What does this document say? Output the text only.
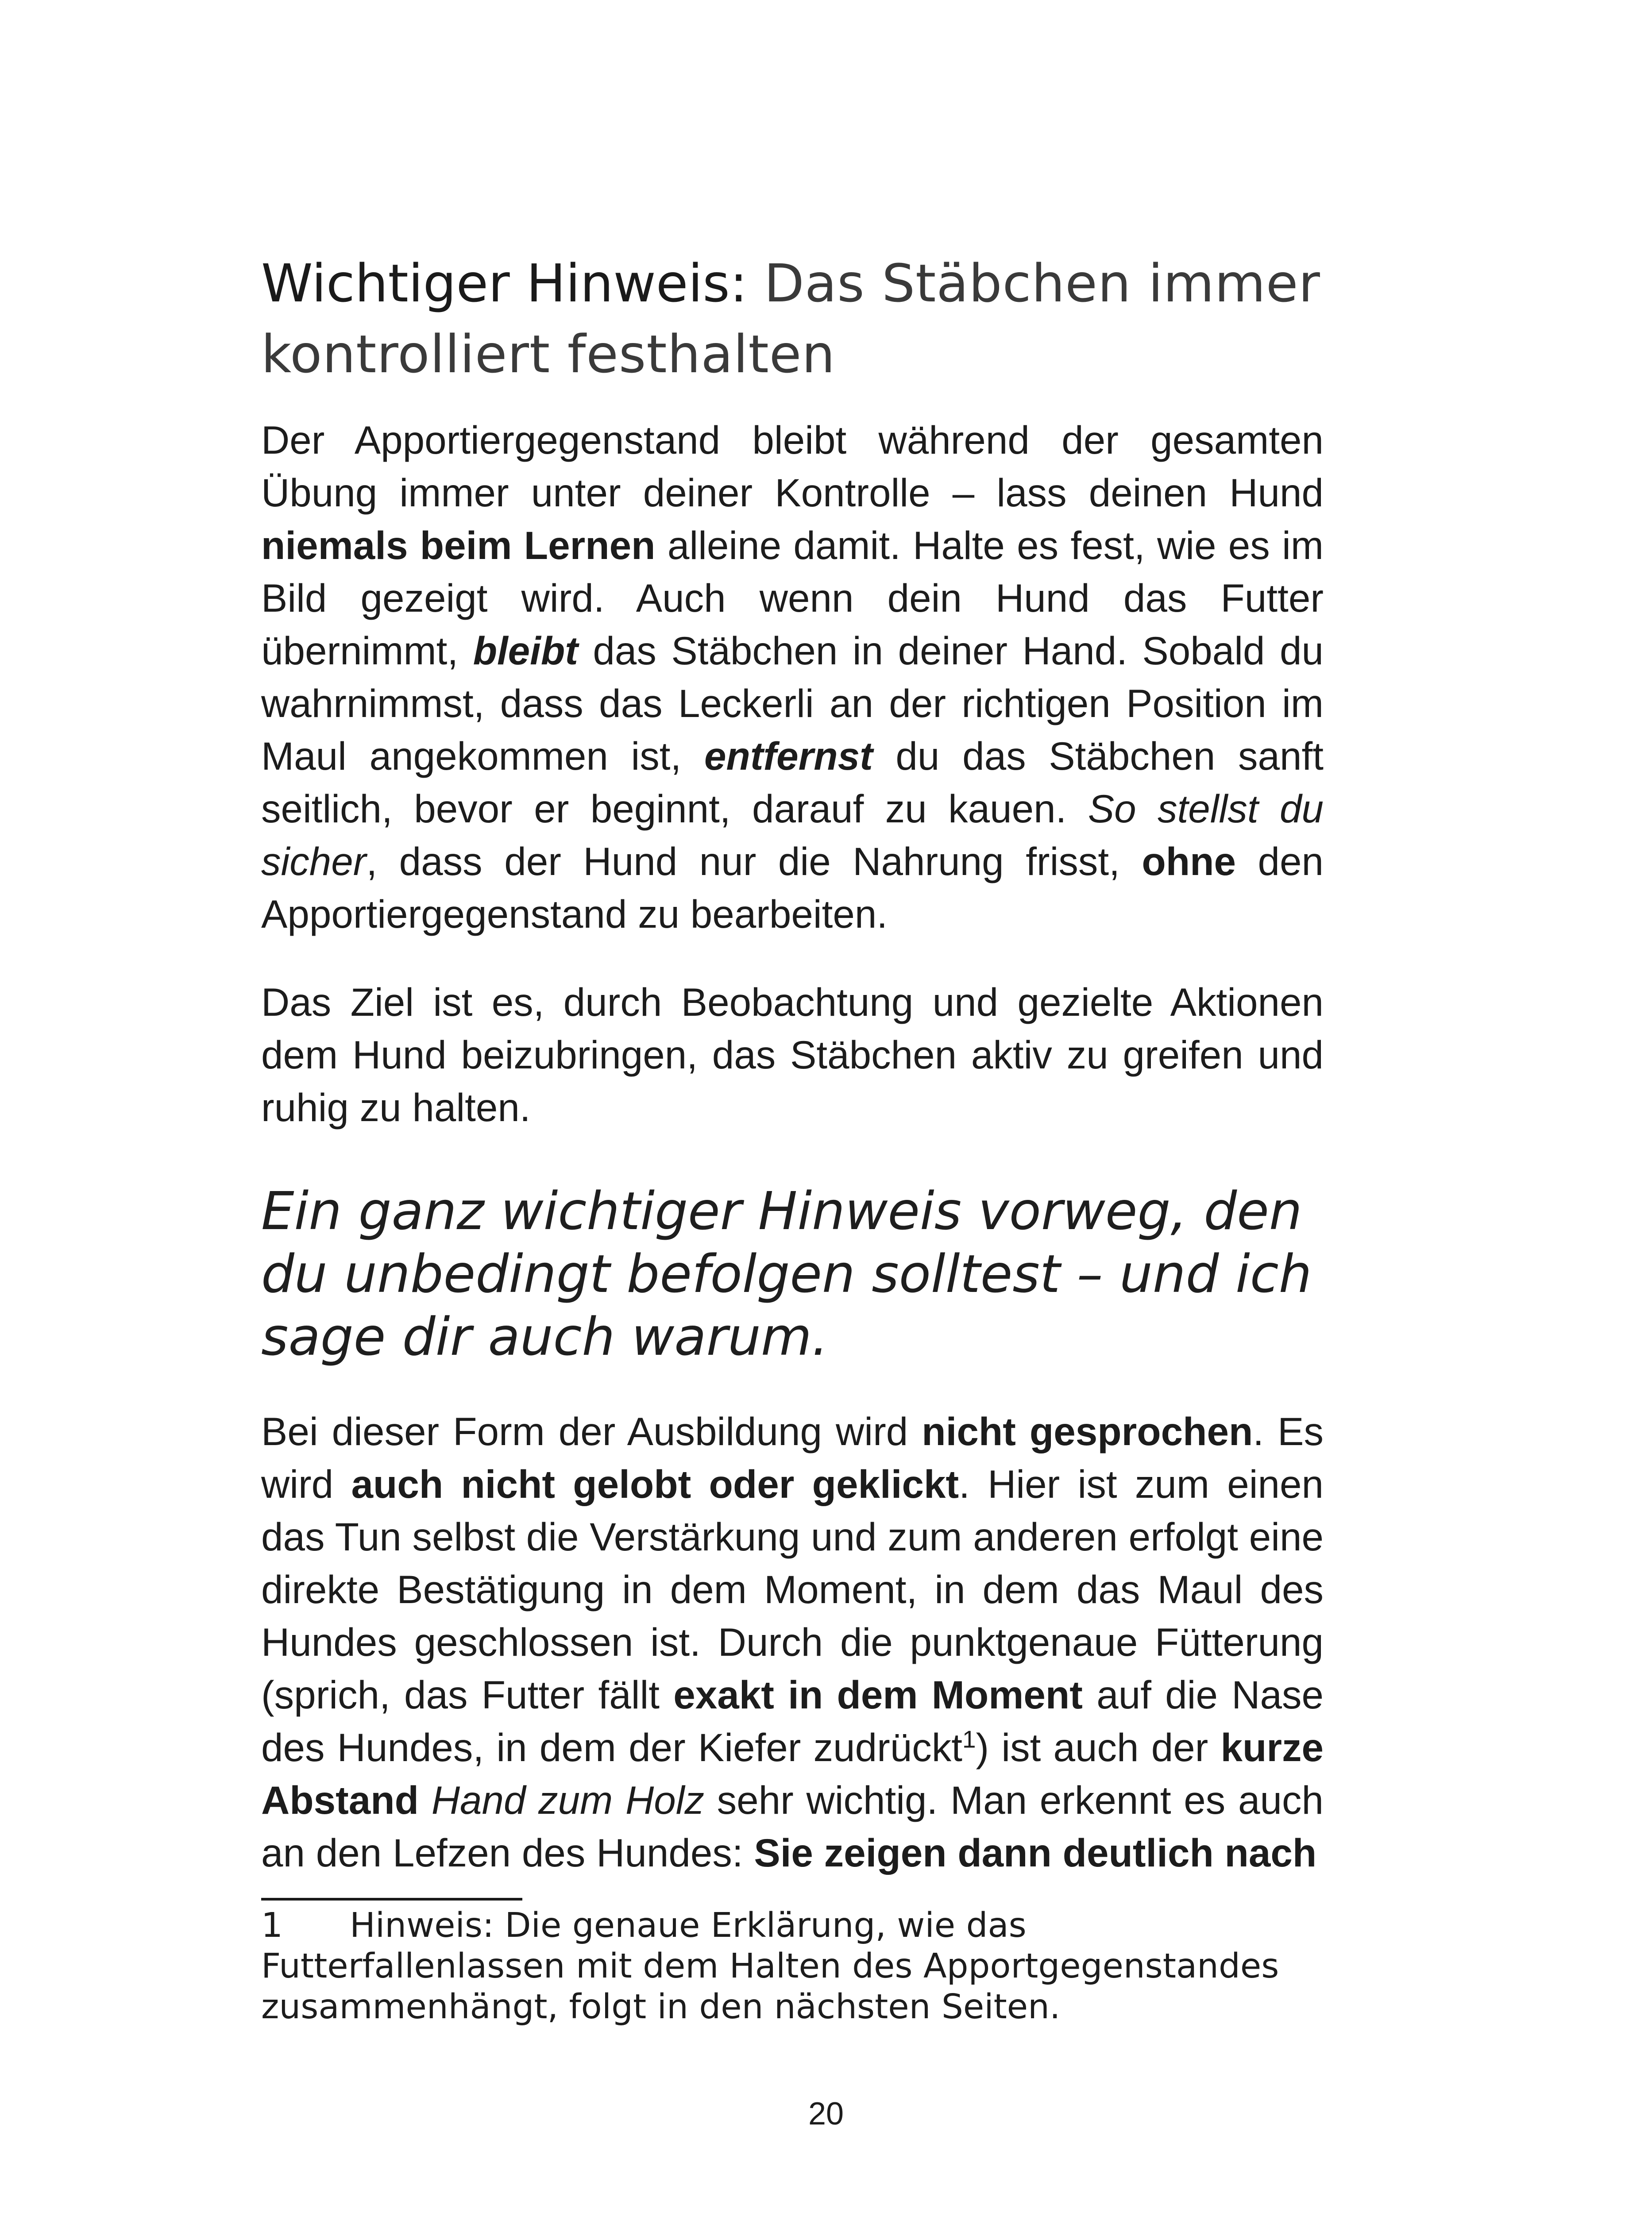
Wichtiger Hinweis: Das Stäbchen immer kontrolliert festhalten

Der Apportiergegenstand bleibt während der gesamten Übung immer unter deiner Kontrolle – lass deinen Hund niemals beim Lernen alleine damit. Halte es fest, wie es im Bild gezeigt wird. Auch wenn dein Hund das Futter übernimmt, bleibt das Stäbchen in deiner Hand. Sobald du wahrnimmst, dass das Leckerli an der richtigen Position im Maul angekommen ist, entfernst du das Stäbchen sanft seitlich, bevor er beginnt, darauf zu kauen. So stellst du sicher, dass der Hund nur die Nahrung frisst, ohne den Apportiergegenstand zu bearbeiten.

Das Ziel ist es, durch Beobachtung und gezielte Aktionen dem Hund beizubringen, das Stäbchen aktiv zu greifen und ruhig zu halten.

Ein ganz wichtiger Hinweis vorweg, den du unbedingt befolgen solltest – und ich sage dir auch warum.

Bei dieser Form der Ausbildung wird nicht gesprochen. Es wird auch nicht gelobt oder geklickt. Hier ist zum einen das Tun selbst die Verstärkung und zum anderen erfolgt eine direkte Bestätigung in dem Moment, in dem das Maul des Hundes geschlossen ist. Durch die punktgenaue Fütterung (sprich, das Futter fällt exakt in dem Moment auf die Nase des Hundes, in dem der Kiefer zudrückt$^1$) ist auch der kurze Abstand Hand zum Holz sehr wichtig. Man erkennt es auch an den Lefzen des Hundes: Sie zeigen dann deutlich nach

1 Hinweis: Die genaue Erklärung, wie das Futterfallenlassen mit dem Halten des Apportgegenstandes zusammenhängt, folgt in den nächsten Seiten.
20
